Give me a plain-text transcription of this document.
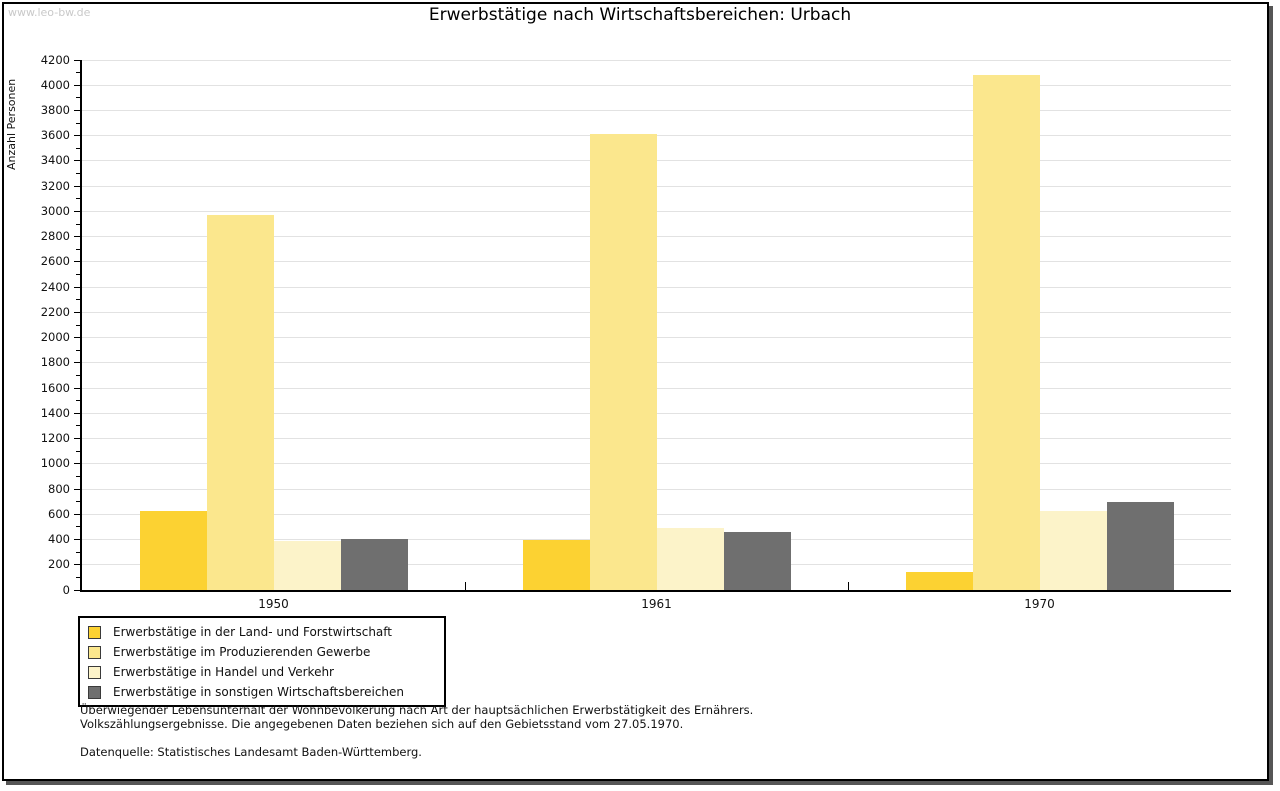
www.leo-bw.de	Erwerbstätige nach Wirtschaftsbereichen: Urbach
Anzahl Personen
0
200
400
600
800
1000
1200
1400
1600
1800
2000
2200
2400
2600
2800
3000
3200
3400
3600
3800
4000
4200
1950	1961	1970
Erwerbstätige in der Land- und Forstwirtschaft
Erwerbstätige im Produzierenden Gewerbe
Erwerbstätige in Handel und Verkehr
Erwerbstätige in sonstigen Wirtschaftsbereichen
Überwiegender Lebensunterhalt der Wohnbevölkerung nach Art der hauptsächlichen Erwerbstätigkeit des Ernährers.
Volkszählungsergebnisse. Die angegebenen Daten beziehen sich auf den Gebietsstand vom 27.05.1970.
Datenquelle: Statistisches Landesamt Baden-Württemberg.
